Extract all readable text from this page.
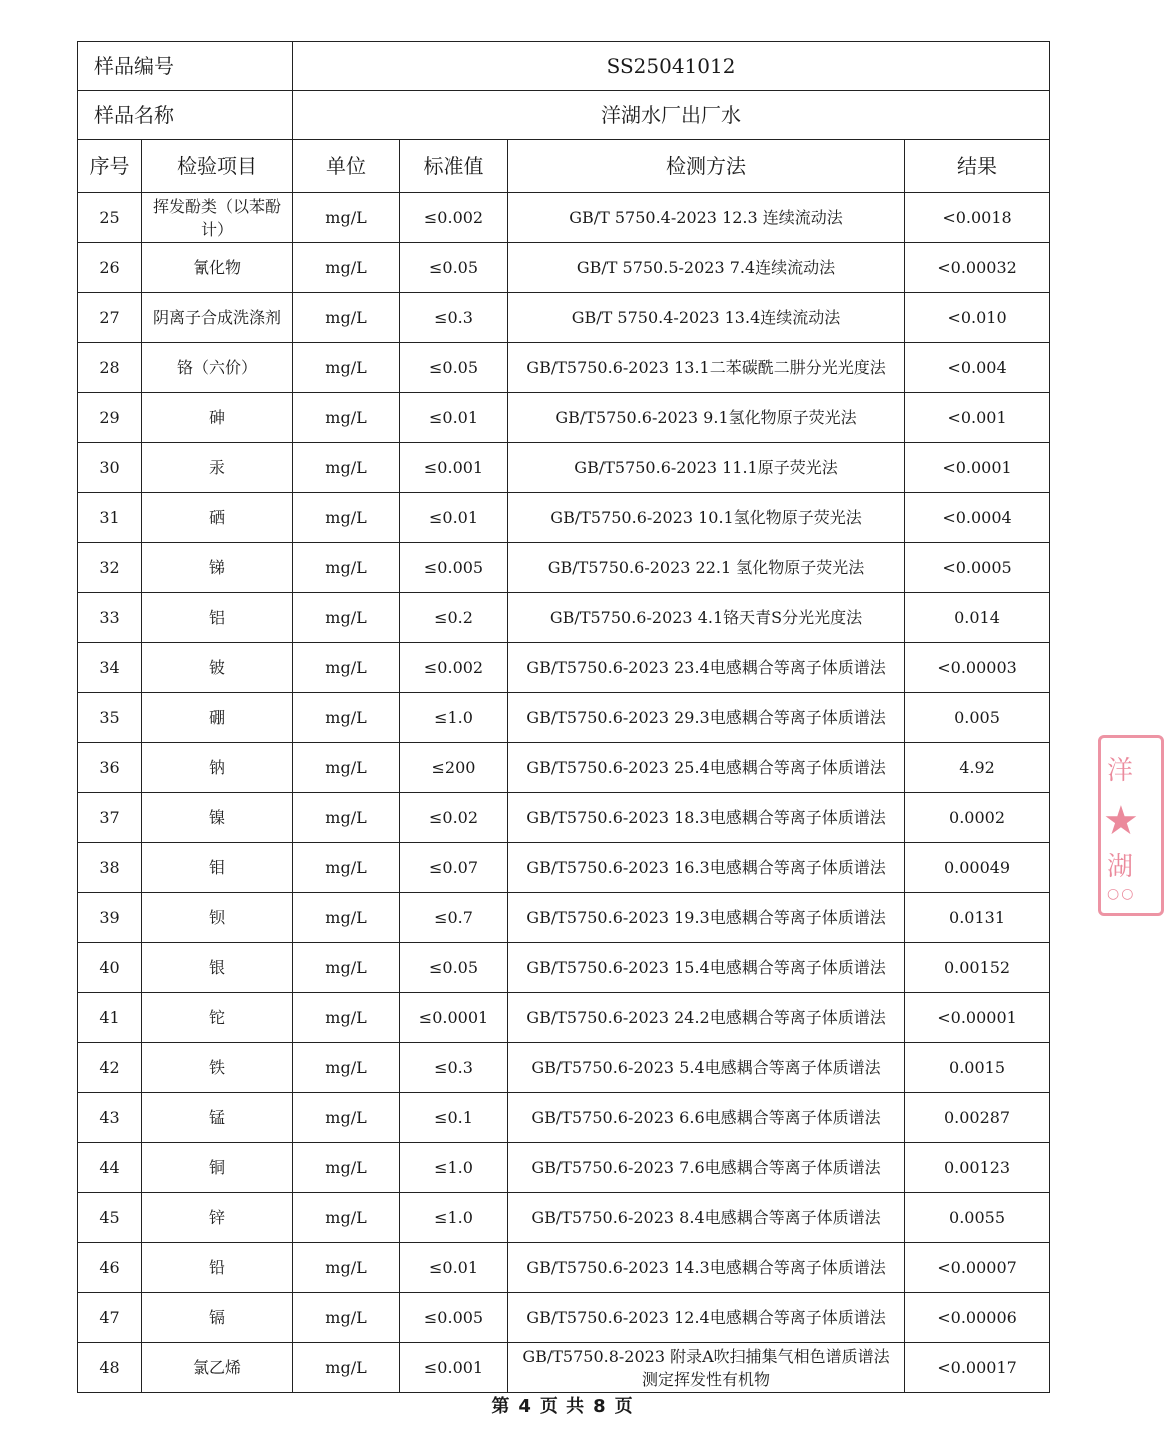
样品编号		SS25041012			
样品名称		洋湖水厂出厂水			
序号	检验项目	单位	标准值	检测方法	结果
25	挥发酚类（以苯酚计）	mg/L	≤0.002	GB/T 5750.4-2023 12.3 连续流动法	<0.0018
26	氰化物	mg/L	≤0.05	GB/T 5750.5-2023 7.4连续流动法	<0.00032
27	阴离子合成洗涤剂	mg/L	≤0.3	GB/T 5750.4-2023 13.4连续流动法	<0.010
28	铬（六价）	mg/L	≤0.05	GB/T5750.6-2023 13.1二苯碳酰二肼分光光度法	<0.004
29	砷	mg/L	≤0.01	GB/T5750.6-2023 9.1氢化物原子荧光法	<0.001
30	汞	mg/L	≤0.001	GB/T5750.6-2023 11.1原子荧光法	<0.0001
31	硒	mg/L	≤0.01	GB/T5750.6-2023 10.1氢化物原子荧光法	<0.0004
32	锑	mg/L	≤0.005	GB/T5750.6-2023 22.1 氢化物原子荧光法	<0.0005
33	铝	mg/L	≤0.2	GB/T5750.6-2023 4.1铬天青S分光光度法	0.014
34	铍	mg/L	≤0.002	GB/T5750.6-2023 23.4电感耦合等离子体质谱法	<0.00003
35	硼	mg/L	≤1.0	GB/T5750.6-2023 29.3电感耦合等离子体质谱法	0.005
36	钠	mg/L	≤200	GB/T5750.6-2023 25.4电感耦合等离子体质谱法	4.92
37	镍	mg/L	≤0.02	GB/T5750.6-2023 18.3电感耦合等离子体质谱法	0.0002
38	钼	mg/L	≤0.07	GB/T5750.6-2023 16.3电感耦合等离子体质谱法	0.00049
39	钡	mg/L	≤0.7	GB/T5750.6-2023 19.3电感耦合等离子体质谱法	0.0131
40	银	mg/L	≤0.05	GB/T5750.6-2023 15.4电感耦合等离子体质谱法	0.00152
41	铊	mg/L	≤0.0001	GB/T5750.6-2023 24.2电感耦合等离子体质谱法	<0.00001
42	铁	mg/L	≤0.3	GB/T5750.6-2023 5.4电感耦合等离子体质谱法	0.0015
43	锰	mg/L	≤0.1	GB/T5750.6-2023 6.6电感耦合等离子体质谱法	0.00287
44	铜	mg/L	≤1.0	GB/T5750.6-2023 7.6电感耦合等离子体质谱法	0.00123
45	锌	mg/L	≤1.0	GB/T5750.6-2023 8.4电感耦合等离子体质谱法	0.0055
46	铅	mg/L	≤0.01	GB/T5750.6-2023 14.3电感耦合等离子体质谱法	<0.00007
47	镉	mg/L	≤0.005	GB/T5750.6-2023 12.4电感耦合等离子体质谱法	<0.00006
48	氯乙烯	mg/L	≤0.001	GB/T5750.8-2023 附录A吹扫捕集气相色谱质谱法测定挥发性有机物	<0.00017
第 4 页 共 8 页
洋
★
湖
○○
